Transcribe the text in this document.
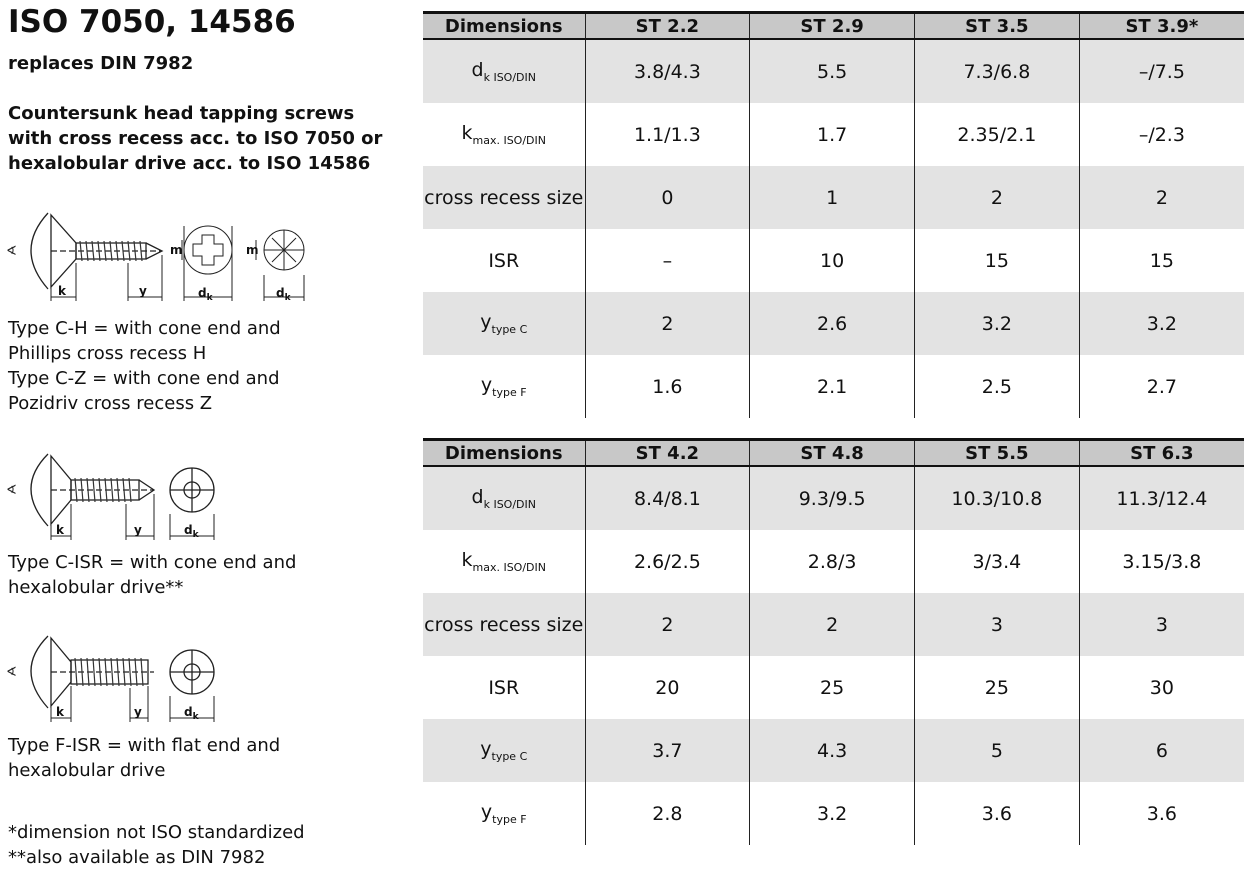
ISO 7050, 14586
replaces DIN 7982
Countersunk head tapping screws
with cross recess acc. to ISO 7050 or
hexalobular drive acc. to ISO 14586
∢
k	y
m
$d_k$
m
$d_k$
Type C-H = with cone end and
Phillips cross recess H
Type C-Z = with cone end and
Pozidriv cross recess Z
∢
k	y	$d_k$
Type C-ISR = with cone end and
hexalobular drive**
∢
k	y	$d_k$
Type F-ISR = with flat end and
hexalobular drive
*dimension not ISO standardized
**also available as DIN 7982
Dimensions	ST 2.2	ST 2.9	ST 3.5	ST 3.9*
$d_{k ISO/DIN}$	3.8/4.3	5.5	7.3/6.8	–/7.5
$k_{max. ISO/DIN}$	1.1/1.3	1.7	2.35/2.1	–/2.3
cross recess size	0	1	2	2
ISR	–	10	15	15
$y_{type C}$	2	2.6	3.2	3.2
$y_{type F}$	1.6	2.1	2.5	2.7
Dimensions	ST 4.2	ST 4.8	ST 5.5	ST 6.3
$d_{k ISO/DIN}$	8.4/8.1	9.3/9.5	10.3/10.8	11.3/12.4
$k_{max. ISO/DIN}$	2.6/2.5	2.8/3	3/3.4	3.15/3.8
cross recess size	2	2	3	3
ISR	20	25	25	30
$y_{type C}$	3.7	4.3	5	6
$y_{type F}$	2.8	3.2	3.6	3.6
